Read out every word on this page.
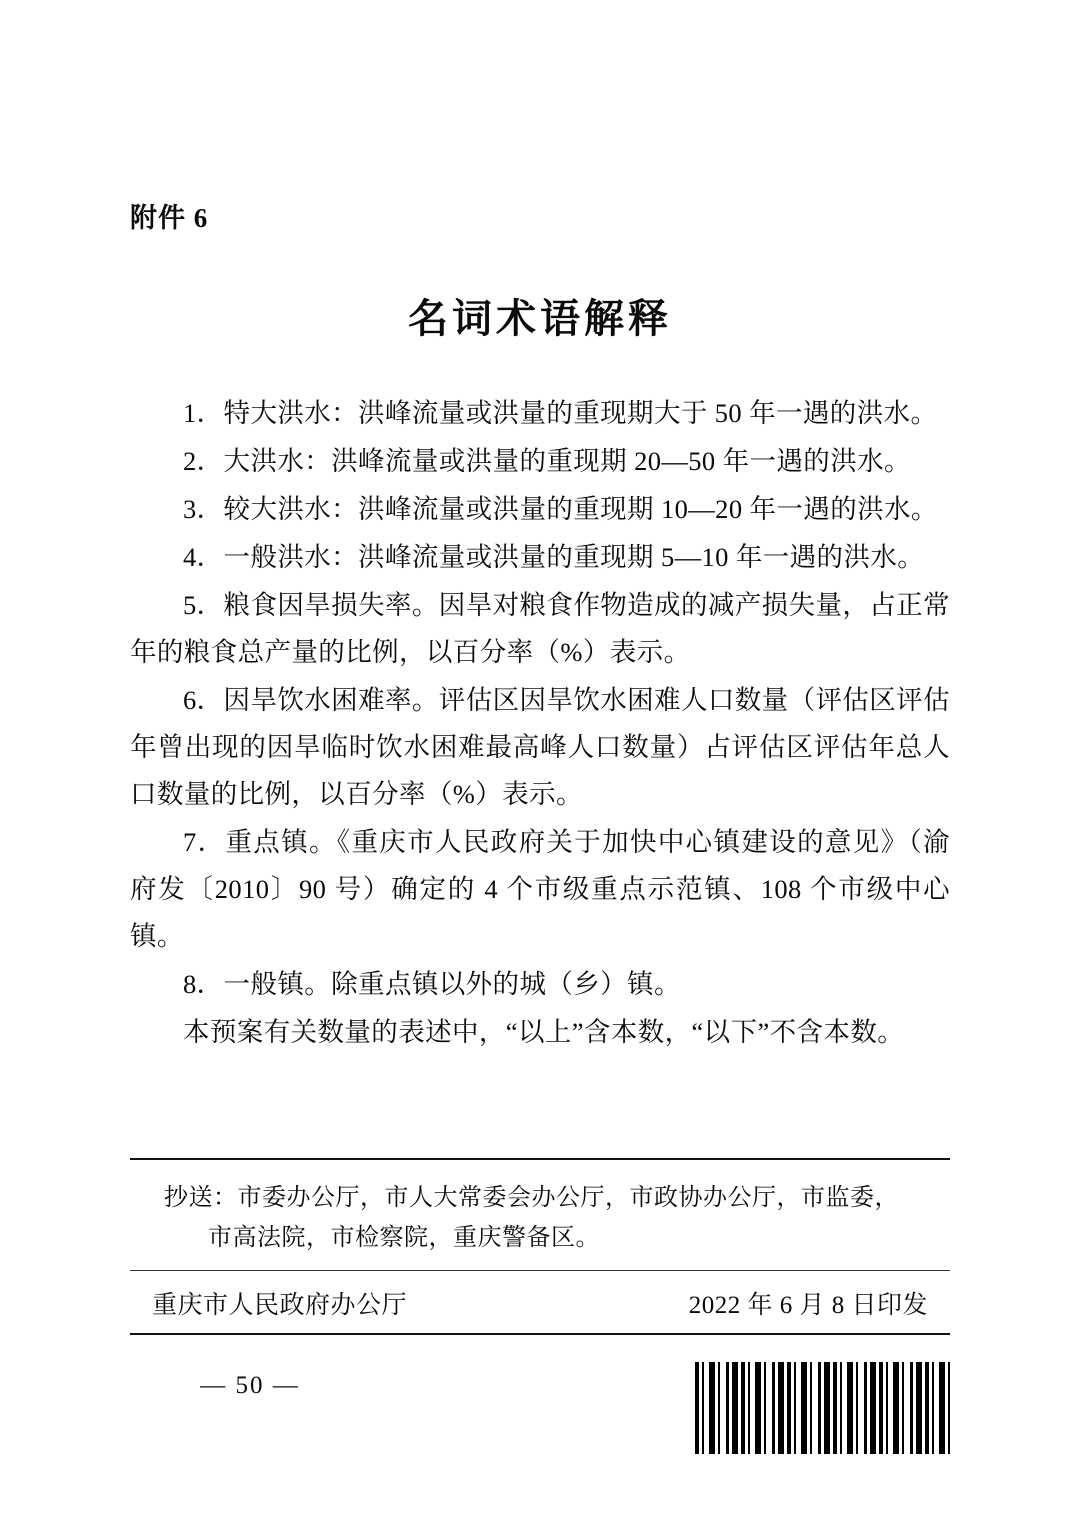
附件 6
名词术语解释

1．特大洪水：洪峰流量或洪量的重现期大于 50 年一遇的洪水。

2．大洪水：洪峰流量或洪量的重现期 20—50 年一遇的洪水。

3．较大洪水：洪峰流量或洪量的重现期 10—20 年一遇的洪水。

4．一般洪水：洪峰流量或洪量的重现期 5—10 年一遇的洪水。

5．粮食因旱损失率。因旱对粮食作物造成的减产损失量，占正常年的粮食总产量的比例，以百分率（%）表示。

6．因旱饮水困难率。评估区因旱饮水困难人口数量（评估区评估年曾出现的因旱临时饮水困难最高峰人口数量）占评估区评估年总人口数量的比例，以百分率（%）表示。

7．重点镇。《重庆市人民政府关于加快中心镇建设的意见》（渝府发〔2010〕90 号）确定的 4 个市级重点示范镇、108 个市级中心镇。

8．一般镇。除重点镇以外的城（乡）镇。

本预案有关数量的表述中，“以上”含本数，“以下”不含本数。

抄送：市委办公厅，市人大常委会办公厅，市政协办公厅，市监委，
市高法院，市检察院，重庆警备区。
重庆市人民政府办公厅	2022 年 6 月 8 日印发
— 50 —
